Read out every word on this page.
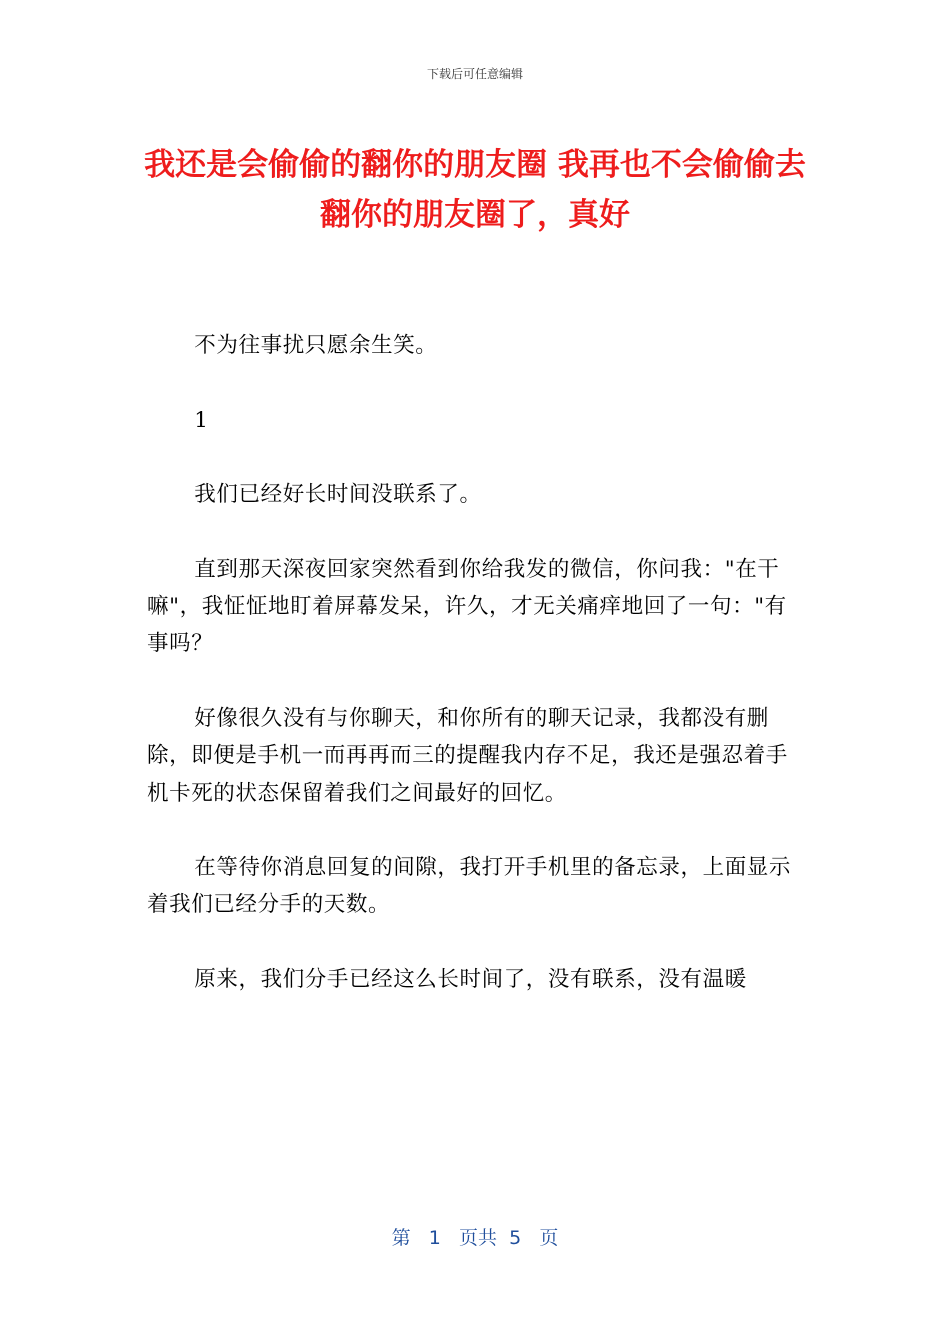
下载后可任意编辑
我还是会偷偷的翻你的朋友圈 我再也不会偷偷去翻你的朋友圈了，真好

不为往事扰只愿余生笑。

1

我们已经好长时间没联系了。

直到那天深夜回家突然看到你给我发的微信，你问我："在干嘛"，我怔怔地盯着屏幕发呆，许久，才无关痛痒地回了一句："有事吗？

好像很久没有与你聊天，和你所有的聊天记录，我都没有删除，即便是手机一而再再而三的提醒我内存不足，我还是强忍着手机卡死的状态保留着我们之间最好的回忆。

在等待你消息回复的间隙，我打开手机里的备忘录，上面显示着我们已经分手的天数。

原来，我们分手已经这么长时间了，没有联系，没有温暖

第 1 页共 5 页
